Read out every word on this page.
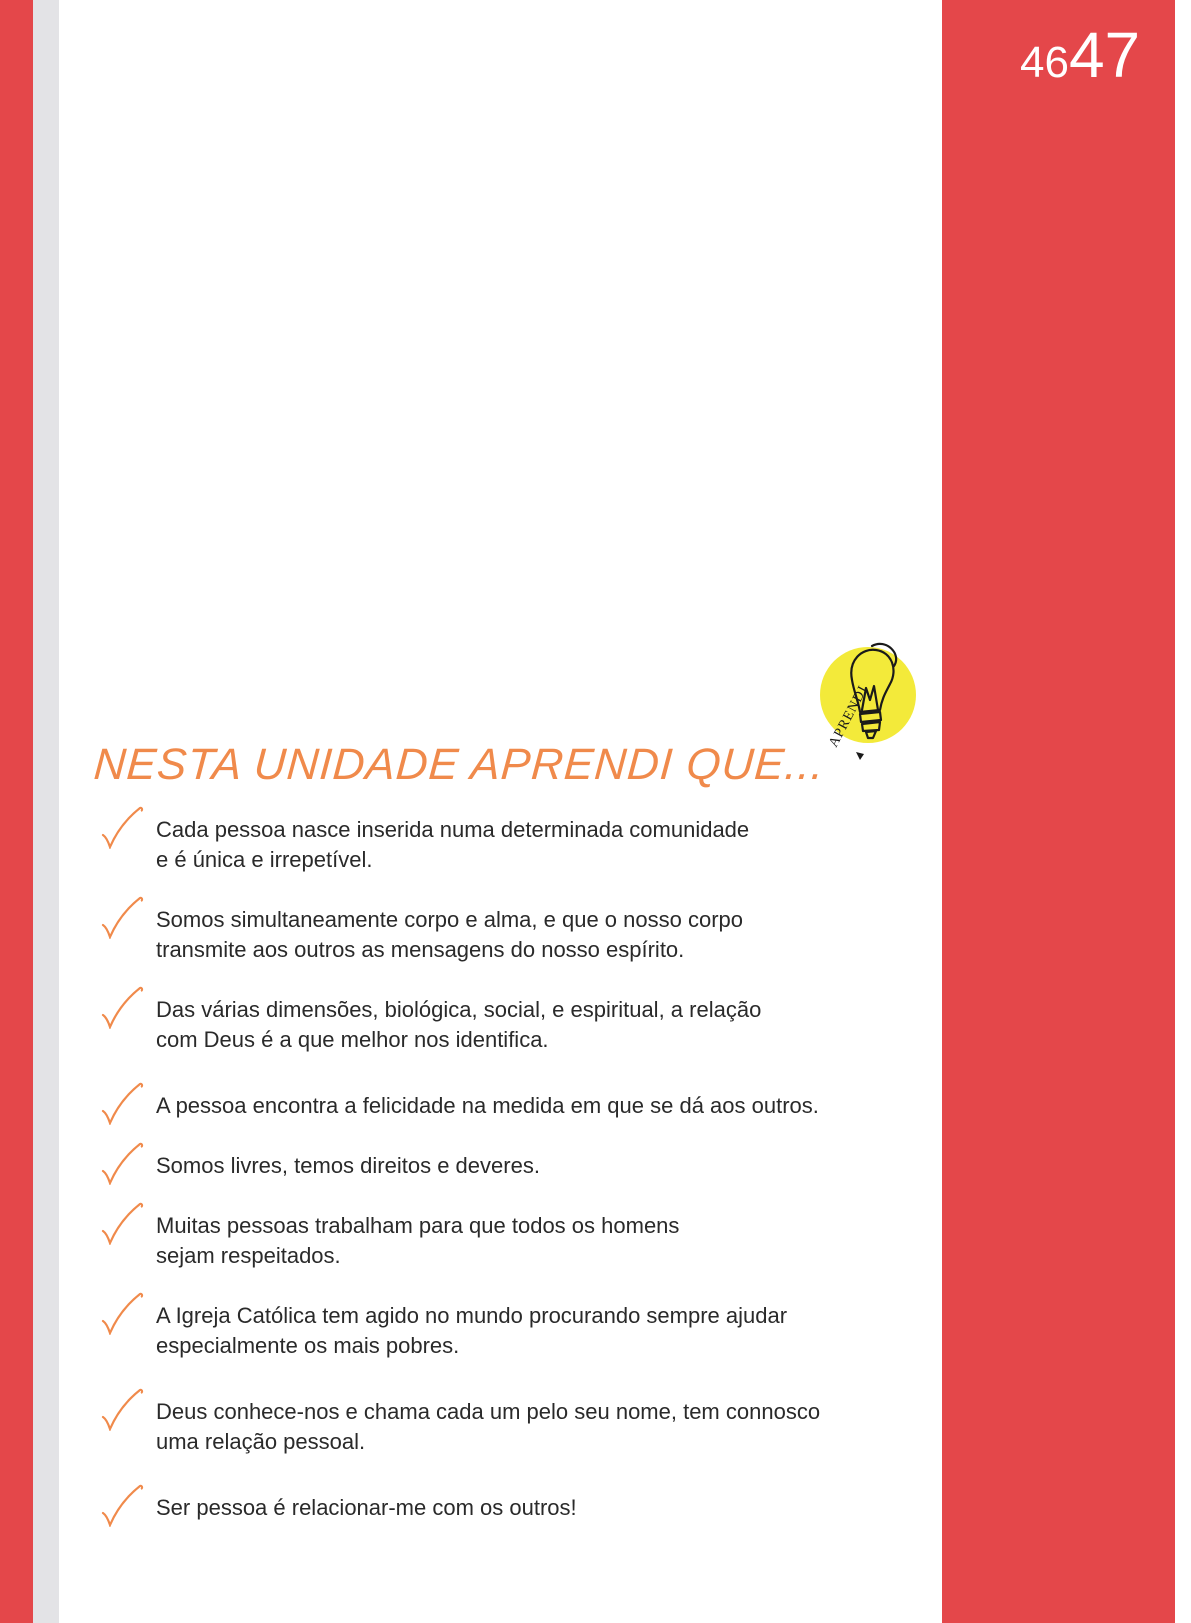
4647
APRENDI
NESTA UNIDADE APRENDI QUE...
Cada pessoa nasce inserida numa determinada comunidade
e é única e irrepetível.
Somos simultaneamente corpo e alma, e que o nosso corpo
transmite aos outros as mensagens do nosso espírito.
Das várias dimensões, biológica, social, e espiritual, a relação
com Deus é a que melhor nos identifica.
A pessoa encontra a felicidade na medida em que se dá aos outros.
Somos livres, temos direitos e deveres.
Muitas pessoas trabalham para que todos os homens
sejam respeitados.
A Igreja Católica tem agido no mundo procurando sempre ajudar
especialmente os mais pobres.
Deus conhece-nos e chama cada um pelo seu nome, tem connosco
uma relação pessoal.
Ser pessoa é relacionar-me com os outros!
